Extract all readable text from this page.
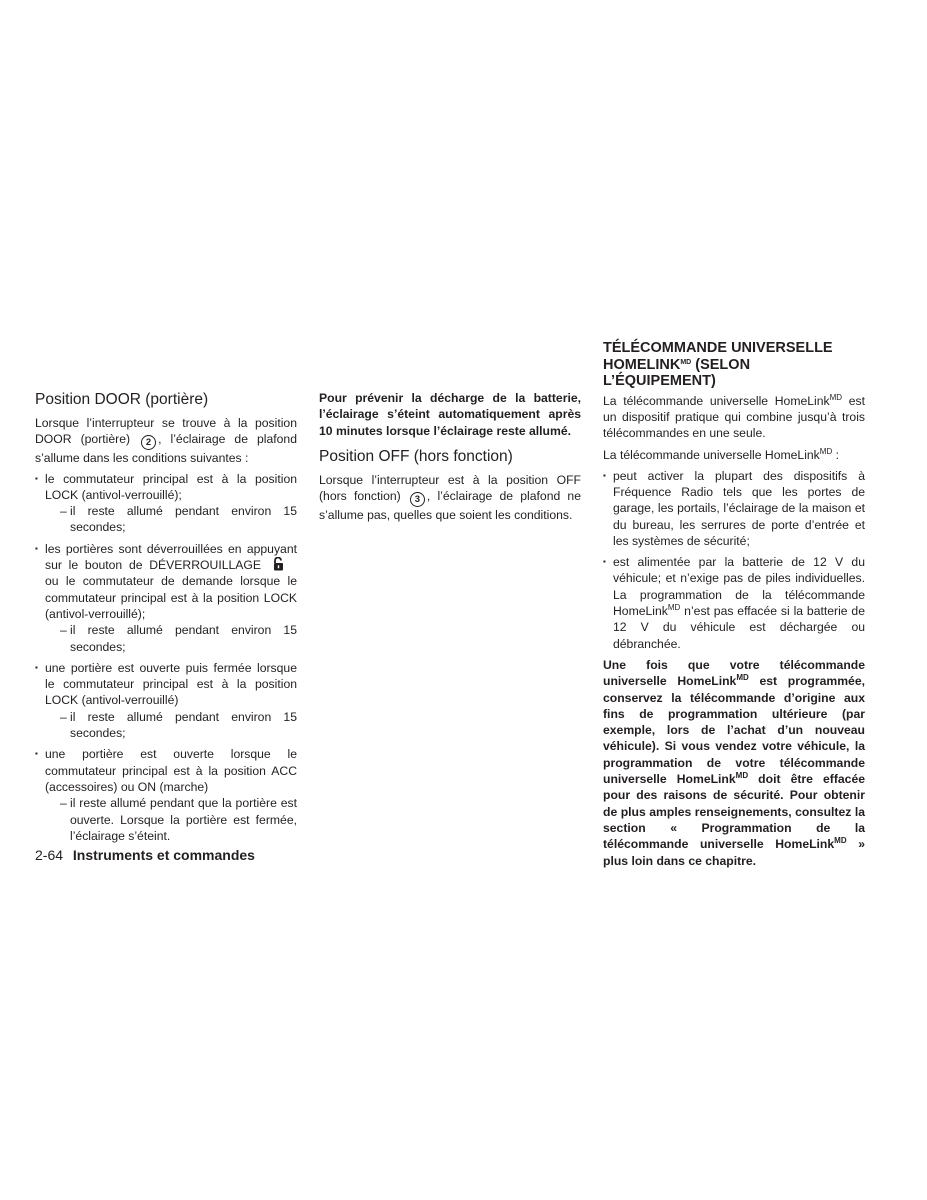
Position DOOR (portière)

Lorsque l’interrupteur se trouve à la position DOOR (portière) 2 , l’éclairage de plafond s’allume dans les conditions suivantes :

▪ le commutateur principal est à la position LOCK (antivol-verrouillé);
– il reste allumé pendant environ 15 secondes;
▪ les portières sont déverrouillées en appuyant sur le bouton de DÉVERROUILLAGEou le commutateur de demande lorsque le commutateur principal est à la position LOCK (antivol-verrouillé);
– il reste allumé pendant environ 15 secondes;
▪ une portière est ouverte puis fermée lorsque le commutateur principal est à la position LOCK (antivol-verrouillé)
– il reste allumé pendant environ 15 secondes;
▪ une portière est ouverte lorsque le commutateur principal est à la position ACC (accessoires) ou ON (marche)
– il reste allumé pendant que la portière est ouverte. Lorsque la portière est fermée, l’éclairage s’éteint.

Pour prévenir la décharge de la batterie, l’éclairage s’éteint automatiquement après 10 minutes lorsque l’éclairage reste allumé.

Position OFF (hors fonction)

Lorsque l’interrupteur est à la position OFF (hors fonction) 3 , l’éclairage de plafond ne s’allume pas, quelles que soient les conditions.

TÉLÉCOMMANDE UNIVERSELLE
$HOMELINK^{MD}$ (SELON
L’ÉQUIPEMENT)

La télécommande universelle HomeLink$^{MD}$ est un dispositif pratique qui combine jusqu’à trois télécommandes en une seule.

La télécommande universelle HomeLink$^{MD}$ :

▪ peut activer la plupart des dispositifs à Fréquence Radio tels que les portes de garage, les portails, l’éclairage de la maison et du bureau, les serrures de porte d’entrée et les systèmes de sécurité;
▪ est alimentée par la batterie de 12 V du véhicule; et n’exige pas de piles individuelles. La programmation de la télécommande HomeLink$^{MD}$ n’est pas effacée si la batterie de 12 V du véhicule est déchargée ou débranchée.

Une fois que votre télécommande universelle HomeLink$^{MD}$ est programmée, conservez la télécommande d’origine aux fins de programmation ultérieure (par exemple, lors de l’achat d’un nouveau véhicule). Si vous vendez votre véhicule, la programmation de votre télécommande universelle HomeLink$^{MD}$ doit être effacée pour des raisons de sécurité. Pour obtenir de plus amples renseignements, consultez la section « Programmation de la télécommande universelle HomeLink$^{MD}$ » plus loin dans ce chapitre.

2-64 Instruments et commandes
